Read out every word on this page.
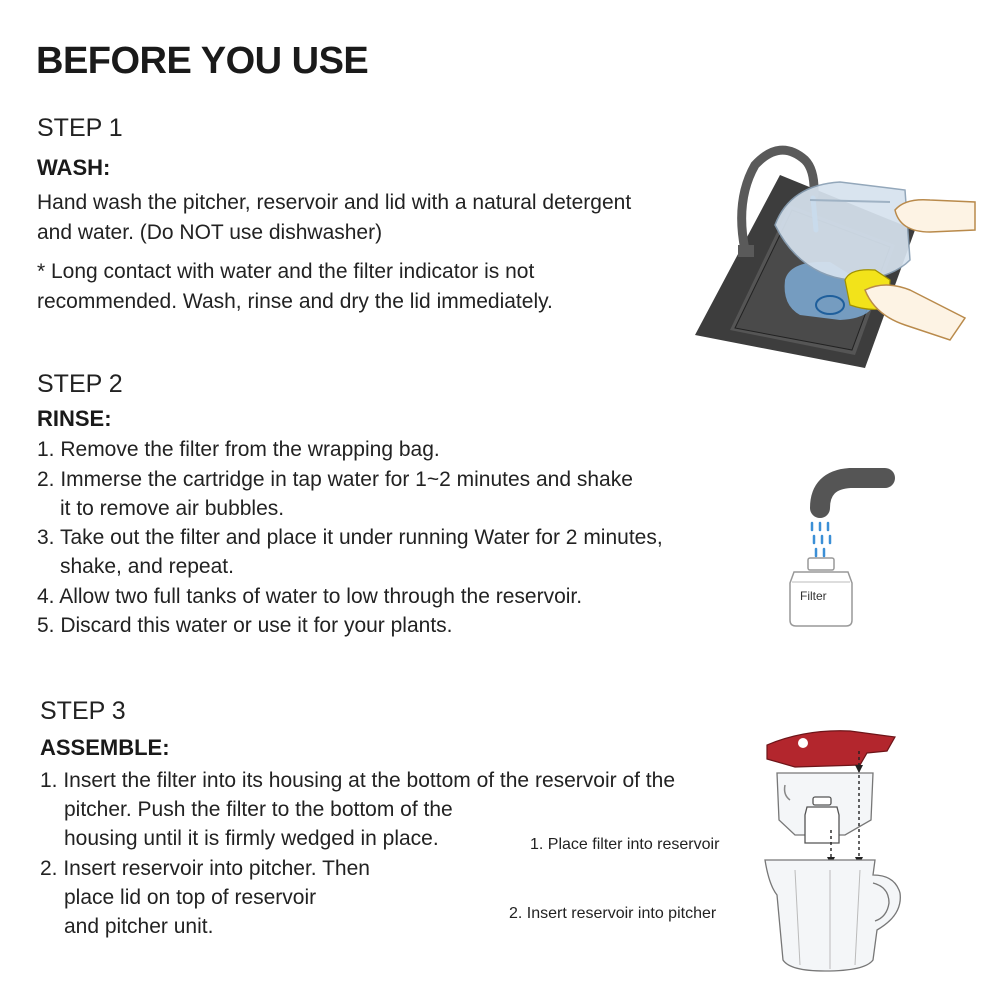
BEFORE YOU USE
STEP 1
WASH:
Hand wash the pitcher, reservoir and lid with a natural detergent
and water. (Do NOT use dishwasher)
* Long contact with water and the filter indicator is not
recommended. Wash, rinse and dry the lid immediately.
STEP 2
RINSE:
1. Remove the filter from the wrapping bag.
2. Immerse the cartridge in tap water for 1~2 minutes and shake
it to remove air bubbles.
3. Take out the filter and place it under running Water for 2 minutes,
shake, and repeat.
4. Allow two full tanks of water to low through the reservoir.
5. Discard this water or use it for your plants.
Filter
STEP 3
ASSEMBLE:
1. Insert the filter into its housing at the bottom of the reservoir of the
pitcher. Push the filter to the bottom of the
housing until it is firmly wedged in place.
2. Insert reservoir into pitcher. Then
place lid on top of reservoir
and pitcher unit.
1. Place filter into reservoir
2. Insert reservoir into pitcher
